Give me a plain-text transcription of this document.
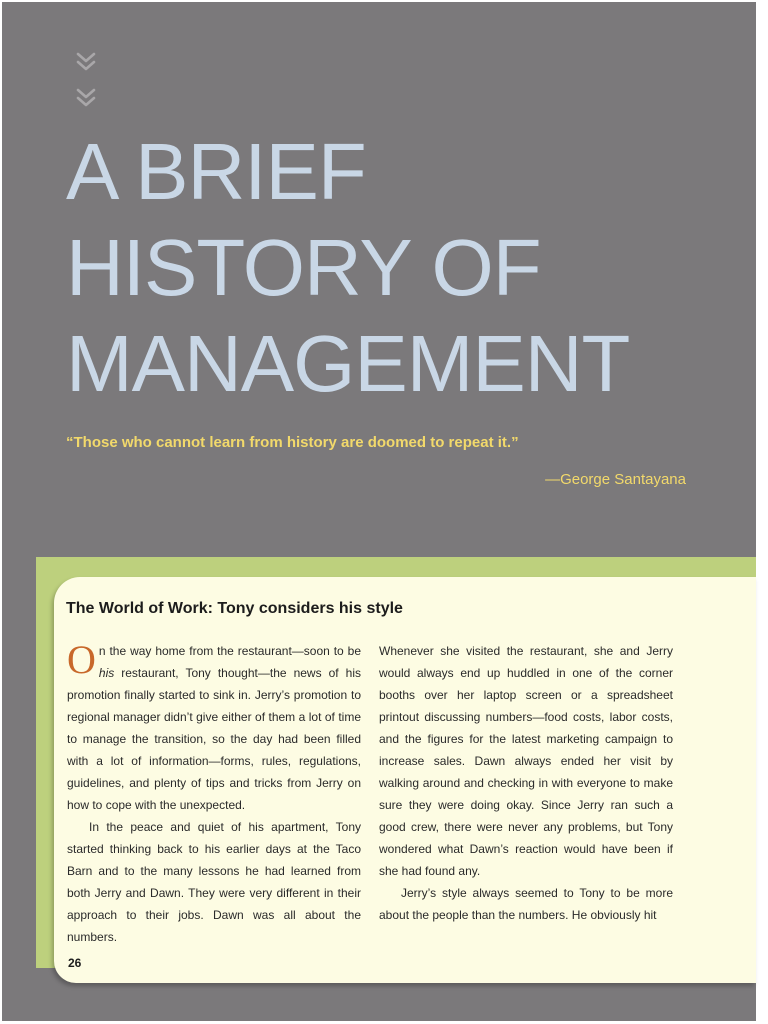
A BRIEF
HISTORY OF
MANAGEMENT
“Those who cannot learn from history are doomed to repeat it.”
—George Santayana
The World of Work: Tony considers his style

On the way home from the restaurant—soon to be his restaurant, Tony thought—the news of his promotion finally started to sink in. Jerry’s promotion to regional manager didn’t give either of them a lot of time to manage the transition, so the day had been filled with a lot of information—forms, rules, regulations, guidelines, and plenty of tips and tricks from Jerry on how to cope with the unexpected.

In the peace and quiet of his apartment, Tony started thinking back to his earlier days at the Taco Barn and to the many lessons he had learned from both Jerry and Dawn. They were very different in their approach to their jobs. Dawn was all about the numbers.

Whenever she visited the restaurant, she and Jerry would always end up huddled in one of the corner booths over her laptop screen or a spreadsheet printout discussing numbers—food costs, labor costs, and the figures for the latest marketing campaign to increase sales. Dawn always ended her visit by walking around and checking in with everyone to make sure they were doing okay. Since Jerry ran such a good crew, there were never any problems, but Tony wondered what Dawn’s reaction would have been if she had found any.

Jerry’s style always seemed to Tony to be more about the people than the numbers. He obviously hit

26
